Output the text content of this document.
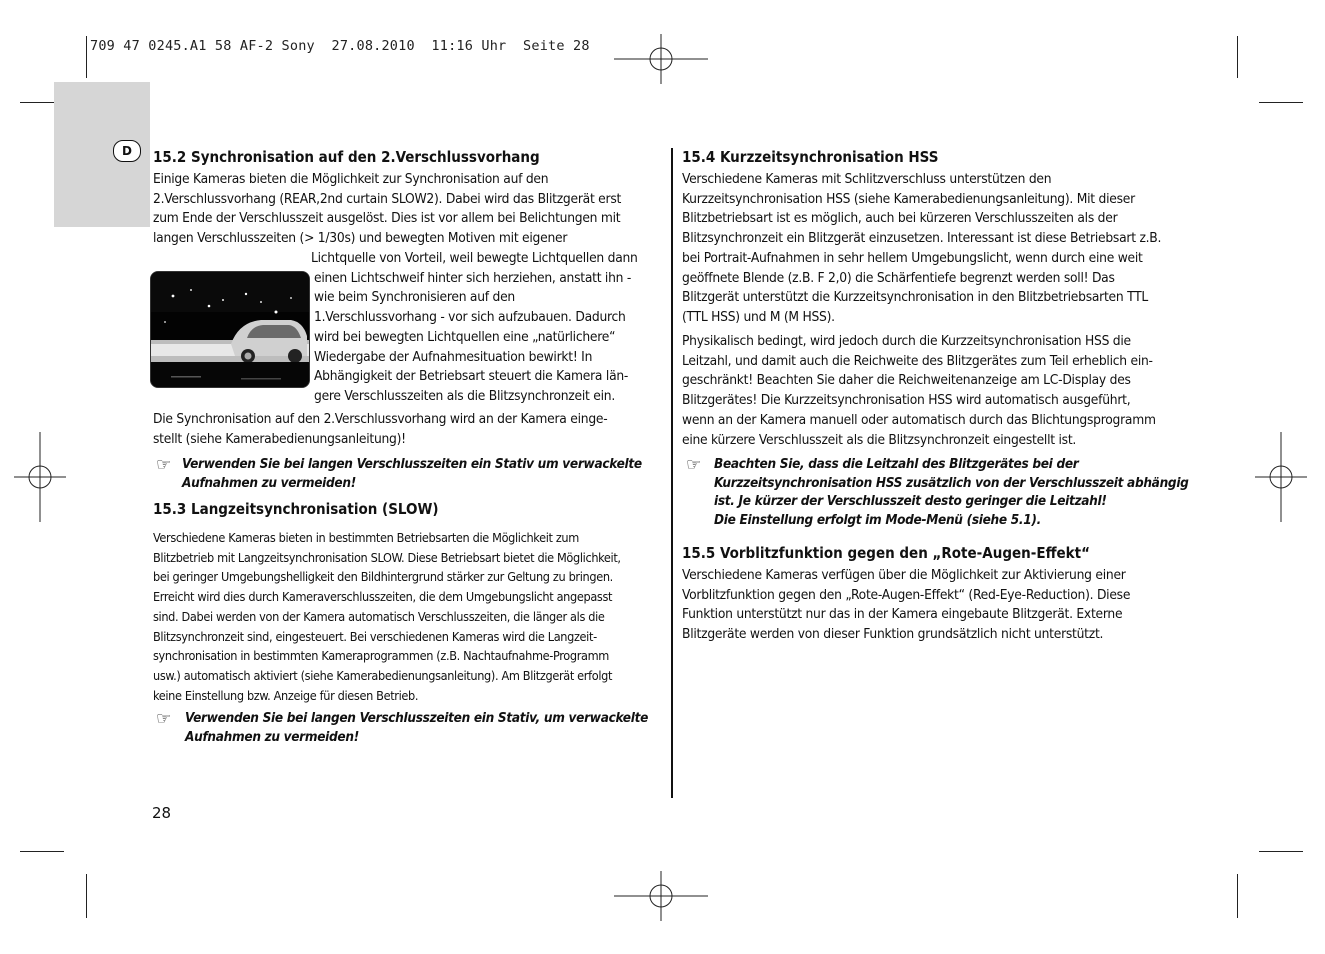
709 47 0245.A1 58 AF-2 Sony  27.08.2010  11:16 Uhr  Seite 28
D	15.2 Synchronisation auf den 2.Verschlussvorhang
Einige Kameras bieten die Möglichkeit zur Synchronisation auf den
2.Verschlussvorhang (REAR,2nd curtain SLOW2). Dabei wird das Blitzgerät erst
zum Ende der Verschlusszeit ausgelöst. Dies ist vor allem bei Belichtungen mit
langen Verschlusszeiten (> 1/30s) und bewegten Motiven mit eigener
Lichtquelle von Vorteil, weil bewegte Lichtquellen dann
einen Lichtschweif hinter sich herziehen, anstatt ihn -
wie beim Synchronisieren auf den
1.Verschlussvorhang - vor sich aufzubauen. Dadurch
wird bei bewegten Lichtquellen eine „natürlichere“
Wiedergabe der Aufnahmesituation bewirkt! In
Abhängigkeit der Betriebsart steuert die Kamera län-
gere Verschlusszeiten als die Blitzsynchronzeit ein.
Die Synchronisation auf den 2.Verschlussvorhang wird an der Kamera einge-
stellt (siehe Kamerabedienungsanleitung)!
☞ Verwenden Sie bei langen Verschlusszeiten ein Stativ um verwackelte
Aufnahmen zu vermeiden!
15.3 Langzeitsynchronisation (SLOW)
Verschiedene Kameras bieten in bestimmten Betriebsarten die Möglichkeit zum
Blitzbetrieb mit Langzeitsynchronisation SLOW. Diese Betriebsart bietet die Möglichkeit,
bei geringer Umgebungshelligkeit den Bildhintergrund stärker zur Geltung zu bringen.
Erreicht wird dies durch Kameraverschlusszeiten, die dem Umgebungslicht angepasst
sind. Dabei werden von der Kamera automatisch Verschlusszeiten, die länger als die
Blitzsynchronzeit sind, eingesteuert. Bei verschiedenen Kameras wird die Langzeit-
synchronisation in bestimmten Kameraprogrammen (z.B. Nachtaufnahme-Programm
usw.) automatisch aktiviert (siehe Kamerabedienungsanleitung). Am Blitzgerät erfolgt
keine Einstellung bzw. Anzeige für diesen Betrieb.
☞ Verwenden Sie bei langen Verschlusszeiten ein Stativ, um verwackelte
Aufnahmen zu vermeiden!
28
15.4 Kurzzeitsynchronisation HSS
Verschiedene Kameras mit Schlitzverschluss unterstützen den
Kurzzeitsynchronisation HSS (siehe Kamerabedienungsanleitung). Mit dieser
Blitzbetriebsart ist es möglich, auch bei kürzeren Verschlusszeiten als der
Blitzsynchronzeit ein Blitzgerät einzusetzen. Interessant ist diese Betriebsart z.B.
bei Portrait-Aufnahmen in sehr hellem Umgebungslicht, wenn durch eine weit
geöffnete Blende (z.B. F 2,0) die Schärfentiefe begrenzt werden soll! Das
Blitzgerät unterstützt die Kurzzeitsynchronisation in den Blitzbetriebsarten TTL
(TTL HSS) und M (M HSS).
Physikalisch bedingt, wird jedoch durch die Kurzzeitsynchronisation HSS die
Leitzahl, und damit auch die Reichweite des Blitzgerätes zum Teil erheblich ein-
geschränkt! Beachten Sie daher die Reichweitenanzeige am LC-Display des
Blitzgerätes! Die Kurzzeitsynchronisation HSS wird automatisch ausgeführt,
wenn an der Kamera manuell oder automatisch durch das Blichtungsprogramm
eine kürzere Verschlusszeit als die Blitzsynchronzeit eingestellt ist.
☞ Beachten Sie, dass die Leitzahl des Blitzgerätes bei der
Kurzzeitsynchronisation HSS zusätzlich von der Verschlusszeit abhängig
ist. Je kürzer der Verschlusszeit desto geringer die Leitzahl!
Die Einstellung erfolgt im Mode-Menü (siehe 5.1).
15.5 Vorblitzfunktion gegen den „Rote-Augen-Effekt“
Verschiedene Kameras verfügen über die Möglichkeit zur Aktivierung einer
Vorblitzfunktion gegen den „Rote-Augen-Effekt“ (Red-Eye-Reduction). Diese
Funktion unterstützt nur das in der Kamera eingebaute Blitzgerät. Externe
Blitzgeräte werden von dieser Funktion grundsätzlich nicht unterstützt.
